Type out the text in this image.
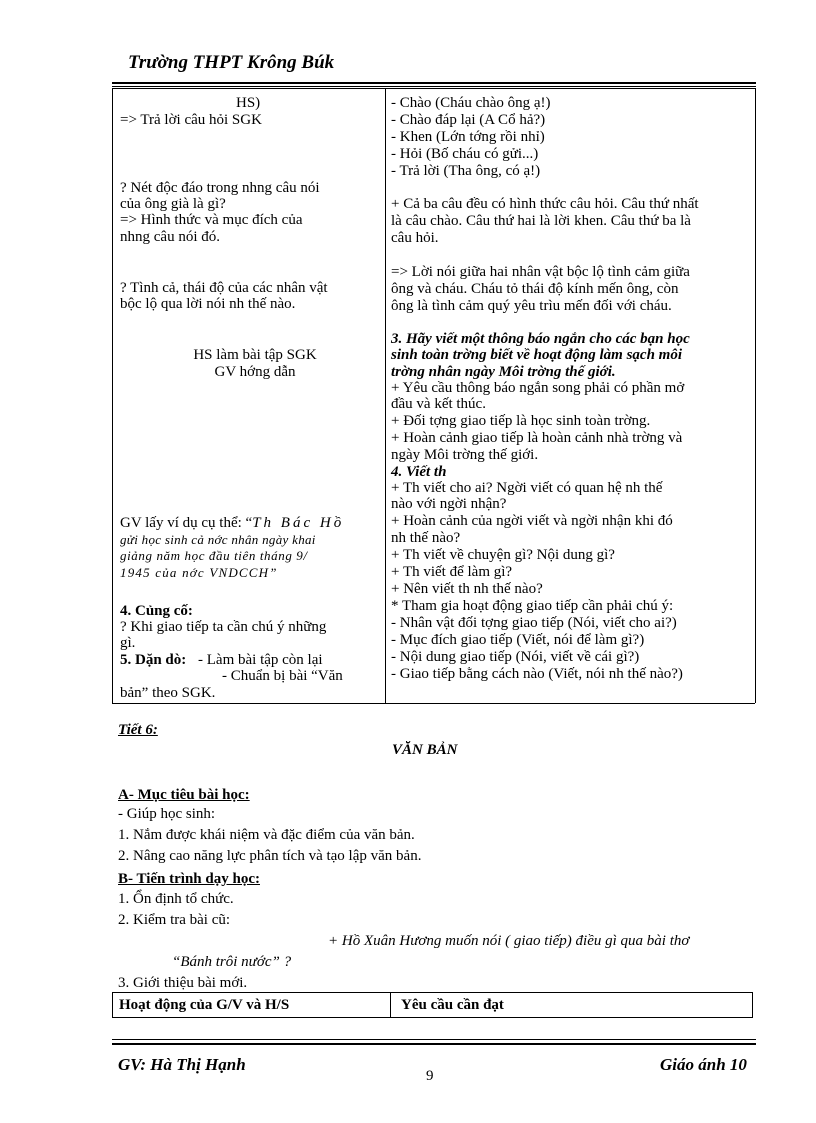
Trường THPT Krông Búk
HS)
=> Trả lời câu hỏi SGK
? Nét độc đáo trong nhng câu nói
của ông già là gì?
=> Hình thức và mục đích của
nhng câu nói đó.
? Tình cả, thái độ của các nhân vật
bộc lộ qua lời nói nh thế nào.
HS làm bài tập SGK
GV hớng dẫn
GV lấy ví dụ cụ thể: “Th Bác Hồ
gửi học sinh cả nớc nhân ngày khai
giảng năm học đầu tiên tháng 9/
1945 của nớc VNDCCH”
4. Củng cố:
? Khi giao tiếp ta cần chú ý những
gì.
5. Dặn dò: - Làm bài tập còn lại
- Chuẩn bị bài “Văn
bản” theo SGK.
- Chào (Cháu chào ông ạ!)
- Chào đáp lại (A Cổ hả?)
- Khen (Lớn tớng rồi nhỉ)
- Hỏi (Bố cháu có gửi...)
- Trả lời (Tha ông, có ạ!)
+ Cả ba câu đều có hình thức câu hỏi. Câu thứ nhất
là câu chào. Câu thứ hai là lời khen. Câu thứ ba là
câu hỏi.
=> Lời nói giữa hai nhân vật bộc lộ tình cảm giữa
ông và cháu. Cháu tỏ thái độ kính mến ông, còn
ông là tình cảm quý yêu trìu mến đối với cháu.
3. Hãy viết một thông báo ngắn cho các bạn học
sinh toàn trờng biết về hoạt động làm sạch môi
trờng nhân ngày Môi trờng thế giới.
+ Yêu cầu thông báo ngắn song phải có phần mở
đầu và kết thúc.
+ Đối tợng giao tiếp là học sinh toàn trờng.
+ Hoàn cảnh giao tiếp là hoàn cảnh nhà trờng và
ngày Môi trờng thế giới.
4. Viết th
+ Th viết cho ai? Ngời viết có quan hệ nh thế
nào với ngời nhận?
+ Hoàn cảnh của ngời viết và ngời nhận khi đó
nh thế nào?
+ Th viết về chuyện gì? Nội dung gì?
+ Th viết để làm gì?
+ Nên viết th nh thế nào?
* Tham gia hoạt động giao tiếp cần phải chú ý:
- Nhân vật đối tợng giao tiếp (Nói, viết cho ai?)
- Mục đích giao tiếp (Viết, nói để làm gì?)
- Nội dung giao tiếp (Nói, viết về cái gì?)
- Giao tiếp bằng cách nào (Viết, nói nh thế nào?)
Tiết 6:
VĂN BẢN
A- Mục tiêu bài học:
- Giúp học sinh:
1. Nắm được khái niệm và đặc điểm của văn bản.
2. Nâng cao năng lực phân tích và tạo lập văn bản.
B- Tiến trình dạy học:
1. Ổn định tổ chức.
2. Kiểm tra bài cũ:
+ Hồ Xuân Hương muốn nói ( giao tiếp) điều gì qua bài thơ
“Bánh trôi nước” ?
3. Giới thiệu bài mới.
Hoạt động của G/V và H/S	Yêu cầu cần đạt
GV: Hà Thị Hạnh	Giáo ánh 10
9
